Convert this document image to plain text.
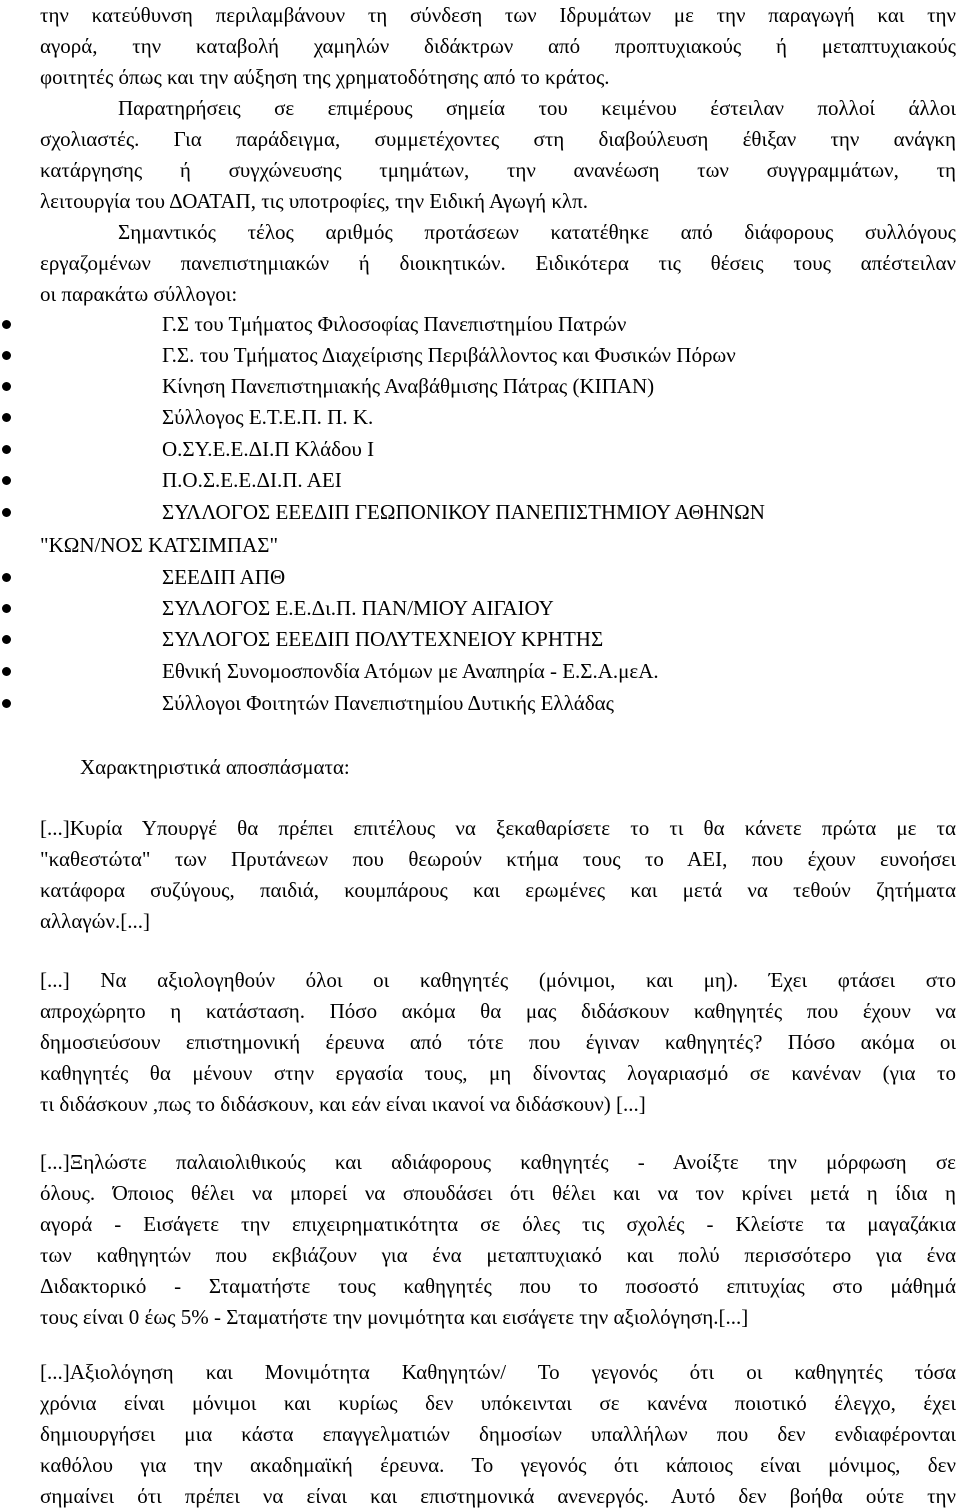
την κατεύθυνση περιλαμβάνουν τη σύνδεση των Ιδρυμάτων με την παραγωγή και την
αγορά, την καταβολή χαμηλών διδάκτρων από προπτυχιακούς ή μεταπτυχιακούς
φοιτητές όπως και την αύξηση της χρηματοδότησης από το κράτος.
Παρατηρήσεις σε επιμέρους σημεία του κειμένου έστειλαν πολλοί άλλοι
σχολιαστές. Για παράδειγμα, συμμετέχοντες στη διαβούλευση έθιξαν την ανάγκη
κατάργησης ή συγχώνευσης τμημάτων, την ανανέωση των συγγραμμάτων, τη
λειτουργία του ΔΟΑΤΑΠ, τις υποτροφίες, την Ειδική Αγωγή κλπ.
Σημαντικός τέλος αριθμός προτάσεων κατατέθηκε από διάφορους συλλόγους
εργαζομένων πανεπιστημιακών ή διοικητικών. Ειδικότερα τις θέσεις τους απέστειλαν
οι παρακάτω σύλλογοι:
Γ.Σ του Τμήματος Φιλοσοφίας Πανεπιστημίου Πατρών
Γ.Σ. του Τμήματος Διαχείρισης Περιβάλλοντος και Φυσικών Πόρων
Κίνηση Πανεπιστημιακής Αναβάθμισης Πάτρας (ΚΙΠΑΝ)
Σύλλογος Ε.Τ.Ε.Π. Π. Κ.
Ο.ΣΥ.Ε.Ε.ΔΙ.Π Κλάδου Ι
Π.Ο.Σ.Ε.Ε.ΔΙ.Π. ΑΕΙ
ΣΥΛΛΟΓΟΣ ΕΕΕΔΙΠ ΓΕΩΠΟΝΙΚΟΥ ΠΑΝΕΠΙΣΤΗΜΙΟΥ ΑΘΗΝΩΝ
"ΚΩΝ/ΝΟΣ ΚΑΤΣΙΜΠΑΣ"
ΣΕΕΔΙΠ ΑΠΘ
ΣΥΛΛΟΓΟΣ Ε.Ε.Δι.Π. ΠΑΝ/ΜΙΟΥ ΑΙΓΑΙΟΥ
ΣΥΛΛΟΓΟΣ ΕΕΕΔΙΠ ΠΟΛΥΤΕΧΝΕΙΟΥ ΚΡΗΤΗΣ
Εθνική Συνομοσπονδία Ατόμων με Αναπηρία - Ε.Σ.Α.μεΑ.
Σύλλογοι Φοιτητών Πανεπιστημίου Δυτικής Ελλάδας
Χαρακτηριστικά αποσπάσματα:
[...]Κυρία Υπουργέ θα πρέπει επιτέλους να ξεκαθαρίσετε το τι θα κάνετε πρώτα με τα
"καθεστώτα" των Πρυτάνεων που θεωρούν κτήμα τους το ΑΕΙ, που έχουν ευνοήσει
κατάφορα συζύγους, παιδιά, κουμπάρους και ερωμένες και μετά να τεθούν ζητήματα
αλλαγών.[...]
[...] Να αξιολογηθούν όλοι οι καθηγητές (μόνιμοι, και μη). Έχει φτάσει στο
απροχώρητο η κατάσταση. Πόσο ακόμα θα μας διδάσκουν καθηγητές που έχουν να
δημοσιεύσουν επιστημονική έρευνα από τότε που έγιναν καθηγητές? Πόσο ακόμα οι
καθηγητές θα μένουν στην εργασία τους, μη δίνοντας λογαριασμό σε κανέναν (για το
τι διδάσκουν ,πως το διδάσκουν, και εάν είναι ικανοί να διδάσκουν) [...]
[...]Ξηλώστε παλαιολιθικούς και αδιάφορους καθηγητές - Ανοίξτε την μόρφωση σε
όλους. Όποιος θέλει να μπορεί να σπουδάσει ότι θέλει και να τον κρίνει μετά η ίδια η
αγορά - Εισάγετε την επιχειρηματικότητα σε όλες τις σχολές - Κλείστε τα μαγαζάκια
των καθηγητών που εκβιάζουν για ένα μεταπτυχιακό και πολύ περισσότερο για ένα
Διδακτορικό - Σταματήστε τους καθηγητές που το ποσοστό επιτυχίας στο μάθημά
τους είναι 0 έως 5% - Σταματήστε την μονιμότητα και εισάγετε την αξιολόγηση.[...]
[...]Αξιολόγηση και Μονιμότητα Καθηγητών/ Το γεγονός ότι οι καθηγητές τόσα
χρόνια είναι μόνιμοι και κυρίως δεν υπόκεινται σε κανένα ποιοτικό έλεγχο, έχει
δημιουργήσει μια κάστα επαγγελματιών δημοσίων υπαλλήλων που δεν ενδιαφέρονται
καθόλου για την ακαδημαϊκή έρευνα. Το γεγονός ότι κάποιος είναι μόνιμος, δεν
σημαίνει ότι πρέπει να είναι και επιστημονικά ανενεργός. Αυτό δεν βοήθα ούτε την
